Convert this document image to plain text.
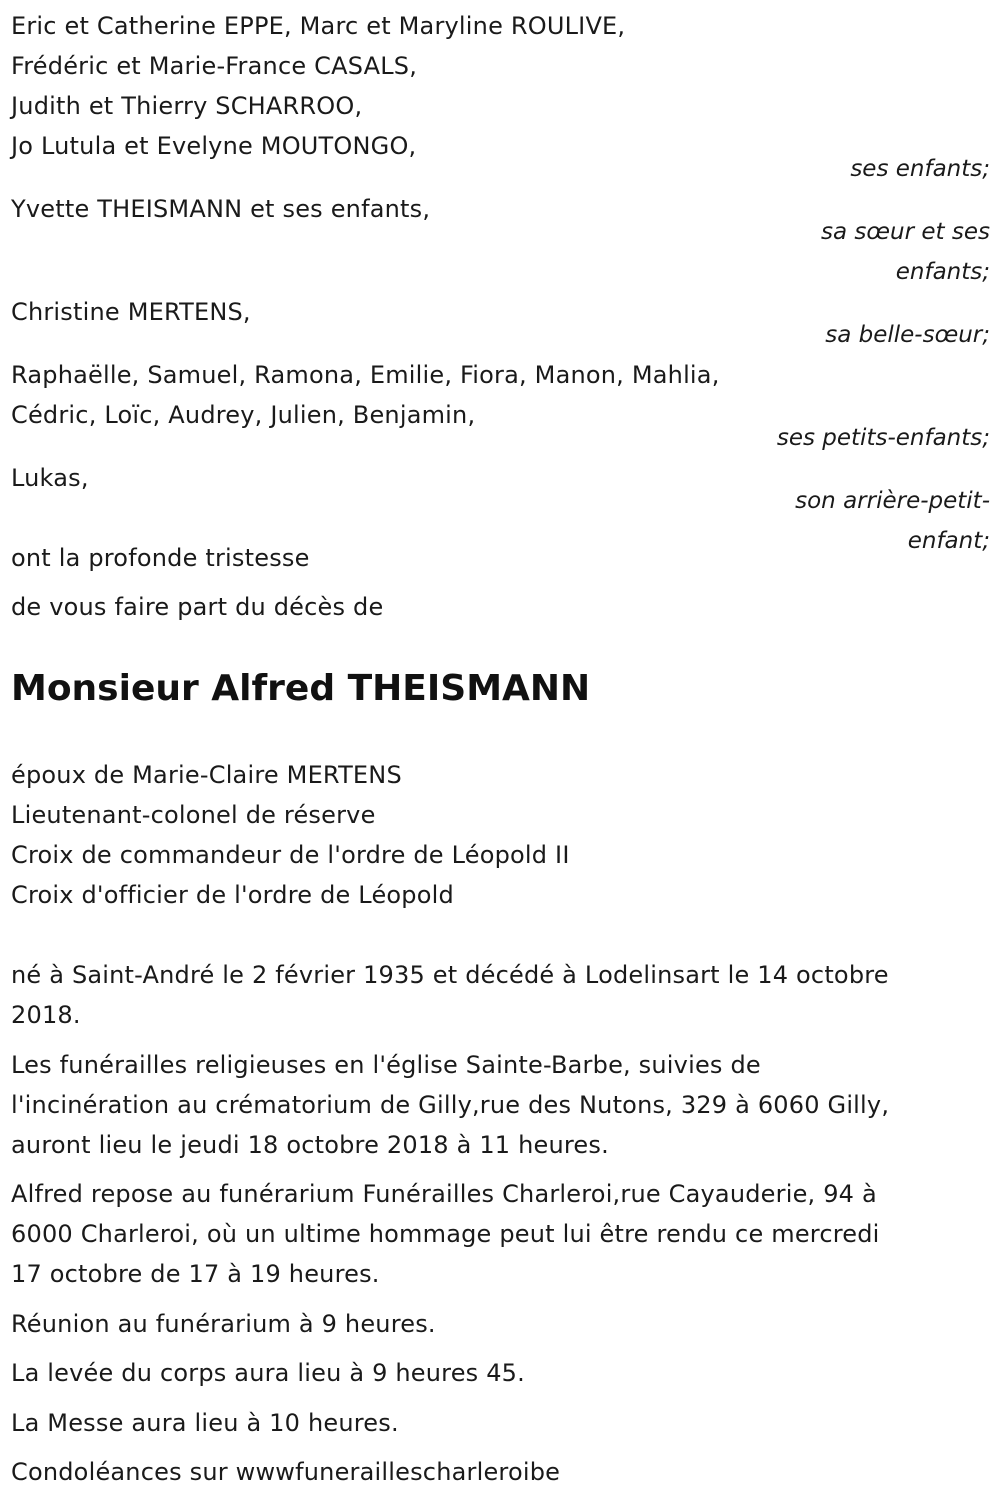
Eric et Catherine EPPE, Marc et Maryline ROULIVE,
Frédéric et Marie-France CASALS,
Judith et Thierry SCHARROO,
Jo Lutula et Evelyne MOUTONGO,
ses enfants;
Yvette THEISMANN et ses enfants,
sa sœur et ses
enfants;
Christine MERTENS,
sa belle-sœur;
Raphaëlle, Samuel, Ramona, Emilie, Fiora, Manon, Mahlia,
Cédric, Loïc, Audrey, Julien, Benjamin,
ses petits-enfants;
Lukas,
son arrière-petit-
enfant;
ont la profonde tristesse
de vous faire part du décès de
Monsieur Alfred THEISMANN
époux de Marie-Claire MERTENS
Lieutenant-colonel de réserve
Croix de commandeur de l'ordre de Léopold II
Croix d'officier de l'ordre de Léopold
né à Saint-André le 2 février 1935 et décédé à Lodelinsart le 14 octobre
2018.
Les funérailles religieuses en l'église Sainte-Barbe, suivies de
l'incinération au crématorium de Gilly,rue des Nutons, 329 à 6060 Gilly,
auront lieu le jeudi 18 octobre 2018 à 11 heures.
Alfred repose au funérarium Funérailles Charleroi,rue Cayauderie, 94 à
6000 Charleroi, où un ultime hommage peut lui être rendu ce mercredi
17 octobre de 17 à 19 heures.
Réunion au funérarium à 9 heures.
La levée du corps aura lieu à 9 heures 45.
La Messe aura lieu à 10 heures.
Condoléances sur wwwfuneraillescharleroibe
